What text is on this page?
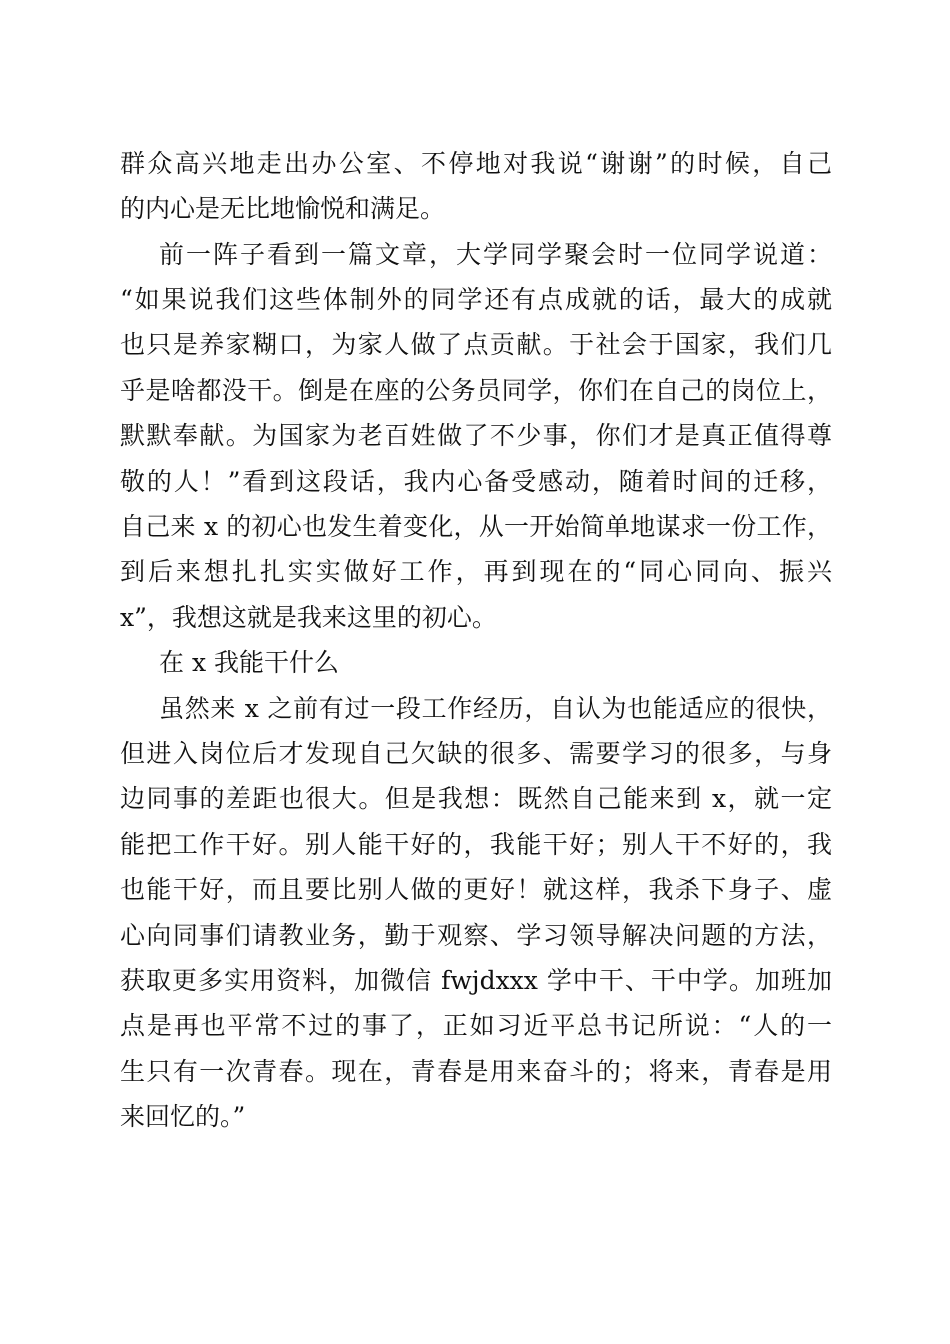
群众高兴地走出办公室、不停地对我说“谢谢”的时候，自己
的内心是无比地愉悦和满足。
前一阵子看到一篇文章，大学同学聚会时一位同学说道：
“如果说我们这些体制外的同学还有点成就的话，最大的成就
也只是养家糊口，为家人做了点贡献。于社会于国家，我们几
乎是啥都没干。倒是在座的公务员同学，你们在自己的岗位上，
默默奉献。为国家为老百姓做了不少事，你们才是真正值得尊
敬的人！”看到这段话，我内心备受感动，随着时间的迁移，
自己来 x 的初心也发生着变化，从一开始简单地谋求一份工作，
到后来想扎扎实实做好工作，再到现在的“同心同向、振兴
x”，我想这就是我来这里的初心。
在 x 我能干什么
虽然来 x 之前有过一段工作经历，自认为也能适应的很快，
但进入岗位后才发现自己欠缺的很多、需要学习的很多，与身
边同事的差距也很大。但是我想：既然自己能来到 x，就一定
能把工作干好。别人能干好的，我能干好；别人干不好的，我
也能干好，而且要比别人做的更好！就这样，我杀下身子、虚
心向同事们请教业务，勤于观察、学习领导解决问题的方法，
获取更多实用资料，加微信 fwjdxxx 学中干、干中学。加班加
点是再也平常不过的事了，正如习近平总书记所说：“人的一
生只有一次青春。现在，青春是用来奋斗的；将来，青春是用
来回忆的。”
